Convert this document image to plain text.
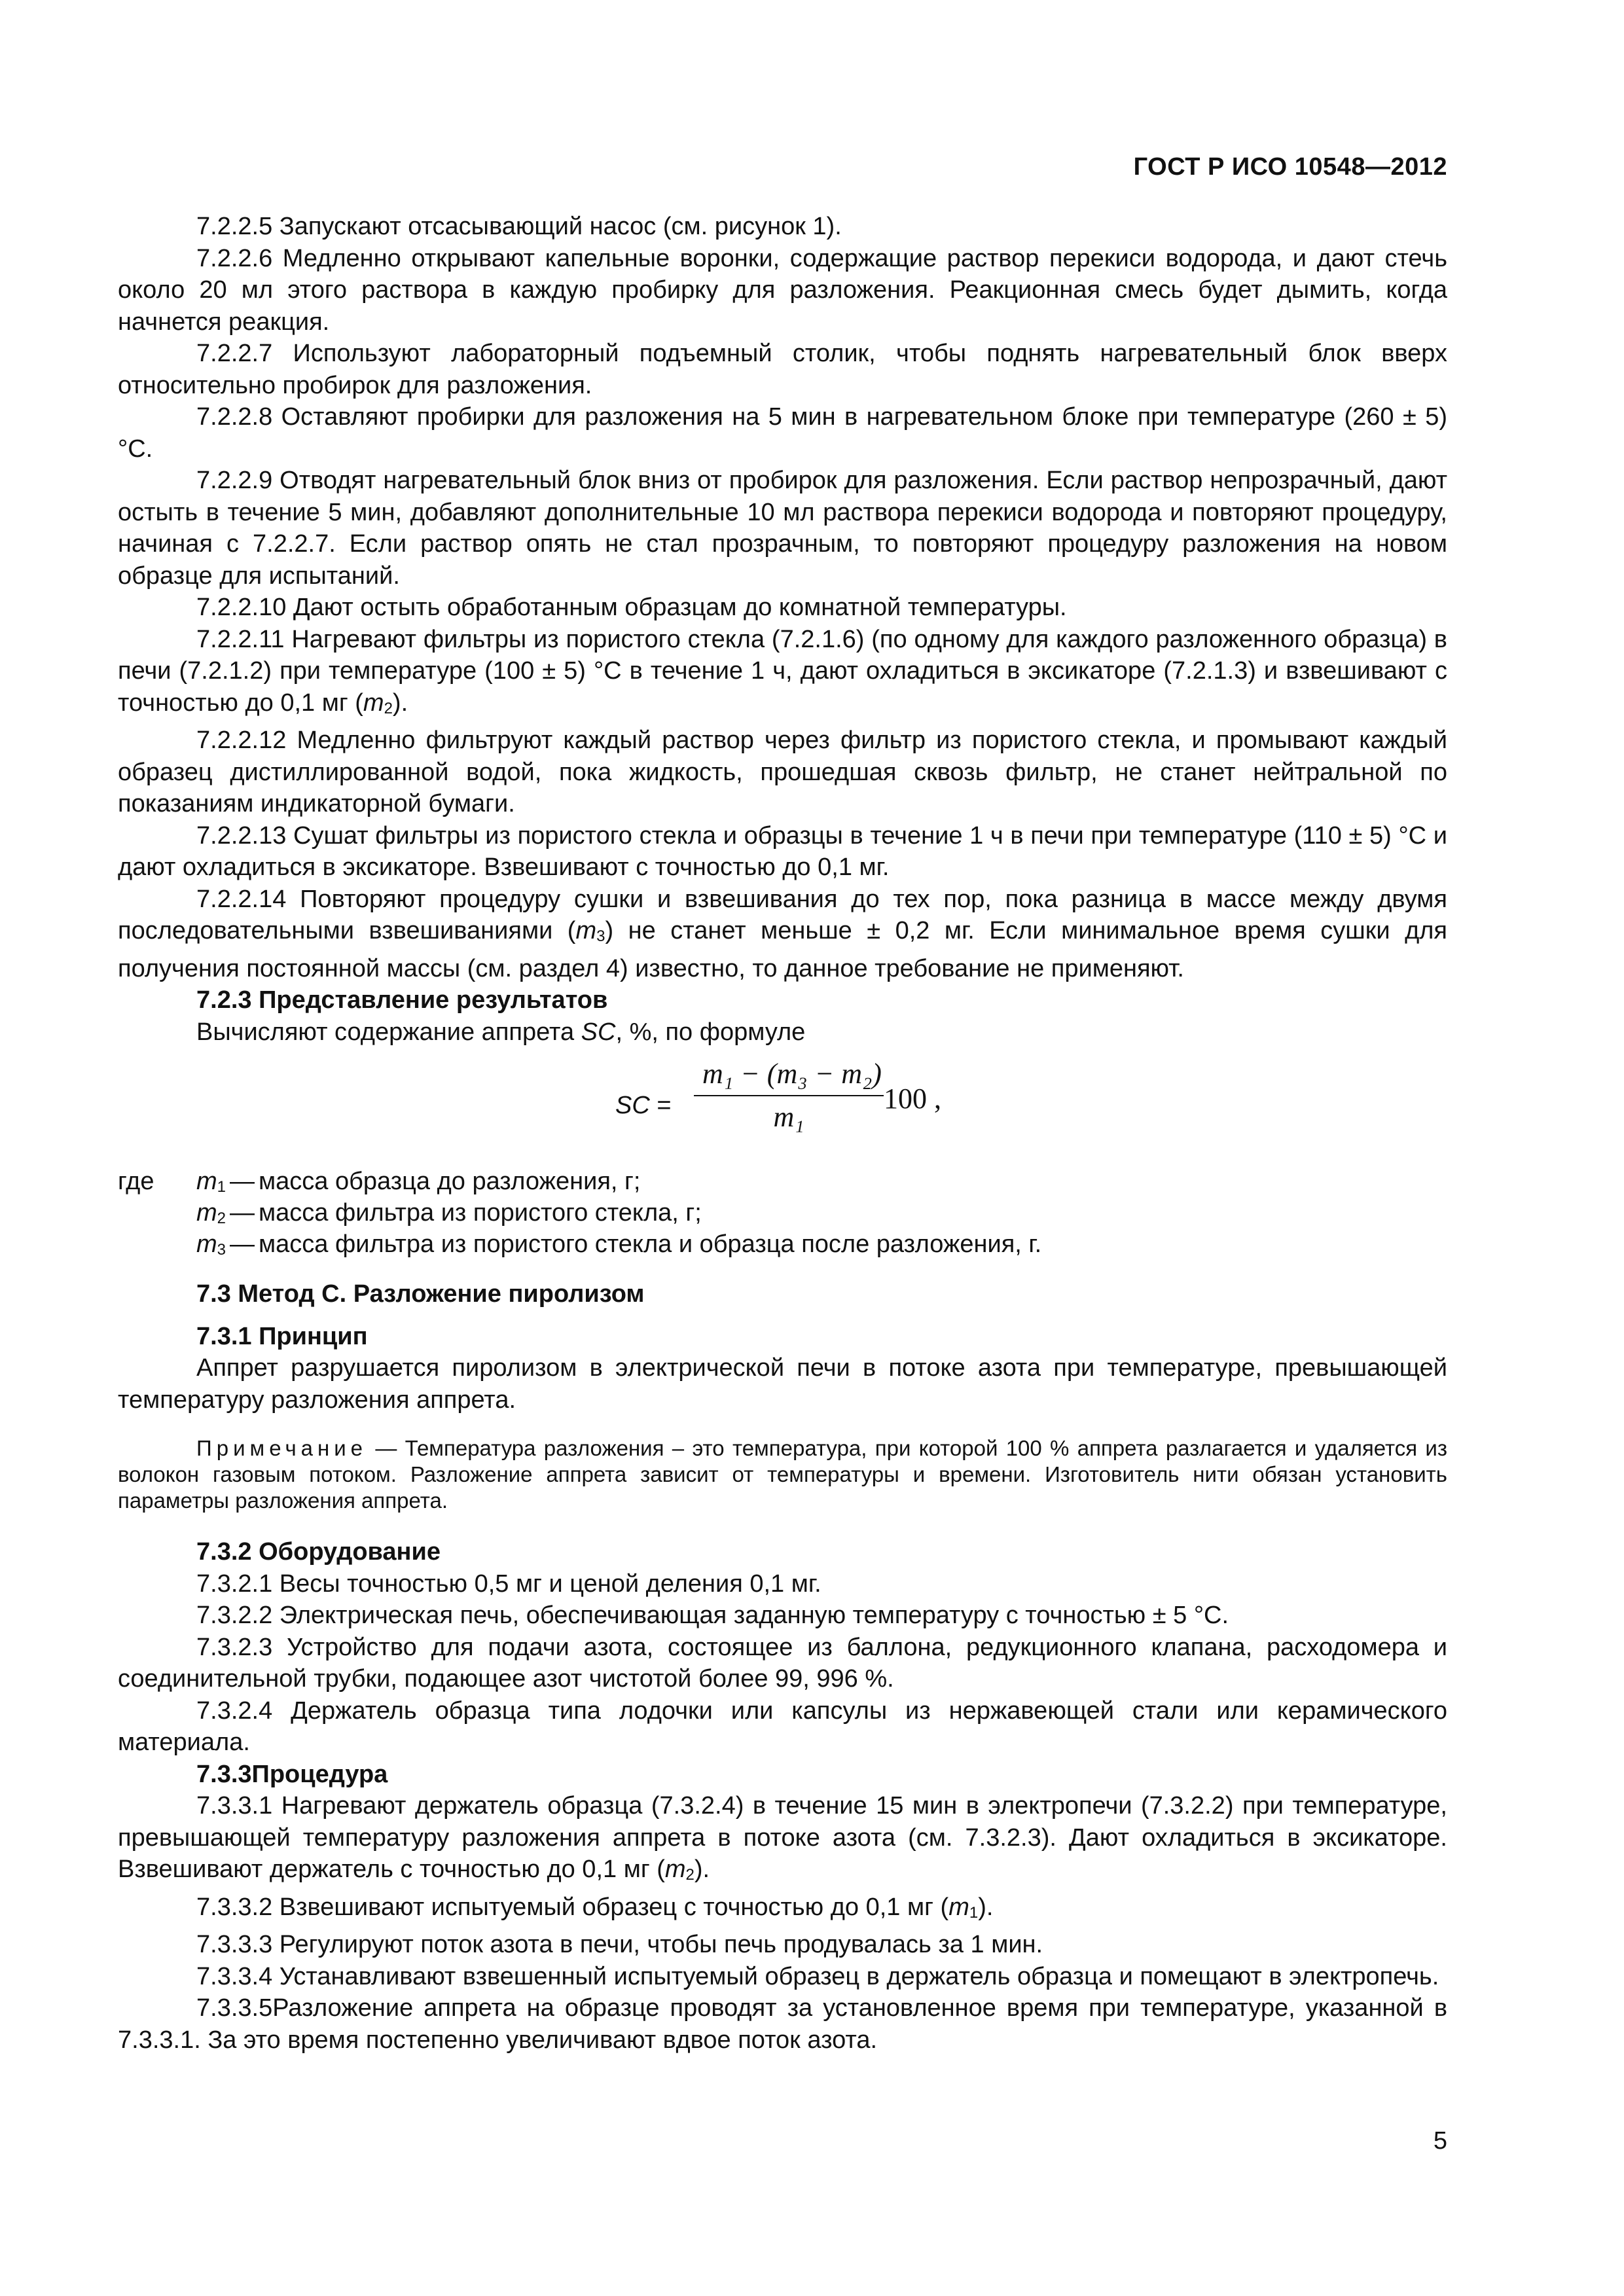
ГОСТ Р ИСО 10548—2012

7.2.2.5 Запускают отсасывающий насос (см. рисунок 1).

7.2.2.6 Медленно открывают капельные воронки, содержащие раствор перекиси водорода, и дают стечь около 20 мл этого раствора в каждую пробирку для разложения. Реакционная смесь будет дымить, когда начнется реакция.

7.2.2.7 Используют лабораторный подъемный столик, чтобы поднять нагревательный блок вверх относительно пробирок для разложения.

7.2.2.8 Оставляют пробирки для разложения на 5 мин в нагревательном блоке при температуре (260 ± 5) °С.

7.2.2.9 Отводят нагревательный блок вниз от пробирок для разложения. Если раствор непрозрачный, дают остыть в течение 5 мин, добавляют дополнительные 10 мл раствора перекиси водорода и повторяют процедуру, начиная с 7.2.2.7. Если раствор опять не стал прозрачным, то повторяют процедуру разложения на новом образце для испытаний.

7.2.2.10 Дают остыть обработанным образцам до комнатной температуры.

7.2.2.11 Нагревают фильтры из пористого стекла (7.2.1.6) (по одному для каждого разложенного образца) в печи (7.2.1.2) при температуре (100 ± 5) °С в течение 1 ч, дают охладиться в эксикаторе (7.2.1.3) и взвешивают с точностью до 0,1 мг (m2).

7.2.2.12 Медленно фильтруют каждый раствор через фильтр из пористого стекла, и промывают каждый образец дистиллированной водой, пока жидкость, прошедшая сквозь фильтр, не станет нейтральной по показаниям индикаторной бумаги.

7.2.2.13 Сушат фильтры из пористого стекла и образцы в течение 1 ч в печи при температуре (110 ± 5) °С и дают охладиться в эксикаторе. Взвешивают с точностью до 0,1 мг.

7.2.2.14 Повторяют процедуру сушки и взвешивания до тех пор, пока разница в массе между двумя последовательными взвешиваниями (m3) не станет меньше ± 0,2 мг. Если минимальное время сушки для получения постоянной массы (см. раздел 4) известно, то данное требование не применяют.

7.2.3 Представление результатов

Вычисляют содержание аппрета SC, %, по формуле

SC =
m₁ − (m₃ − m₂)
m₁
100 ,
где m1 — масса образца до разложения, г;
m2 — масса фильтра из пористого стекла, г;
m3 — масса фильтра из пористого стекла и образца после разложения, г.

7.3 Метод С. Разложение пиролизом

7.3.1 Принцип

Аппрет разрушается пиролизом в электрической печи в потоке азота при температуре, превышающей температуру разложения аппрета.

Примечание — Температура разложения – это температура, при которой 100 % аппрета разлагается и удаляется из волокон газовым потоком. Разложение аппрета зависит от температуры и времени. Изготовитель нити обязан установить параметры разложения аппрета.

7.3.2 Оборудование

7.3.2.1 Весы точностью 0,5 мг и ценой деления 0,1 мг.

7.3.2.2 Электрическая печь, обеспечивающая заданную температуру с точностью ± 5 °С.

7.3.2.3 Устройство для подачи азота, состоящее из баллона, редукционного клапана, расходомера и соединительной трубки, подающее азот чистотой более 99, 996 %.

7.3.2.4 Держатель образца типа лодочки или капсулы из нержавеющей стали или керамического материала.

7.3.3Процедура

7.3.3.1 Нагревают держатель образца (7.3.2.4) в течение 15 мин в электропечи (7.3.2.2) при температуре, превышающей температуру разложения аппрета в потоке азота (см. 7.3.2.3). Дают охладиться в эксикаторе. Взвешивают держатель с точностью до 0,1 мг (m2).

7.3.3.2 Взвешивают испытуемый образец с точностью до 0,1 мг (m1).

7.3.3.3 Регулируют поток азота в печи, чтобы печь продувалась за 1 мин.

7.3.3.4 Устанавливают взвешенный испытуемый образец в держатель образца и помещают в электропечь.

7.3.3.5Разложение аппрета на образце проводят за установленное время при температуре, указанной в 7.3.3.1. За это время постепенно увеличивают вдвое поток азота.

5
